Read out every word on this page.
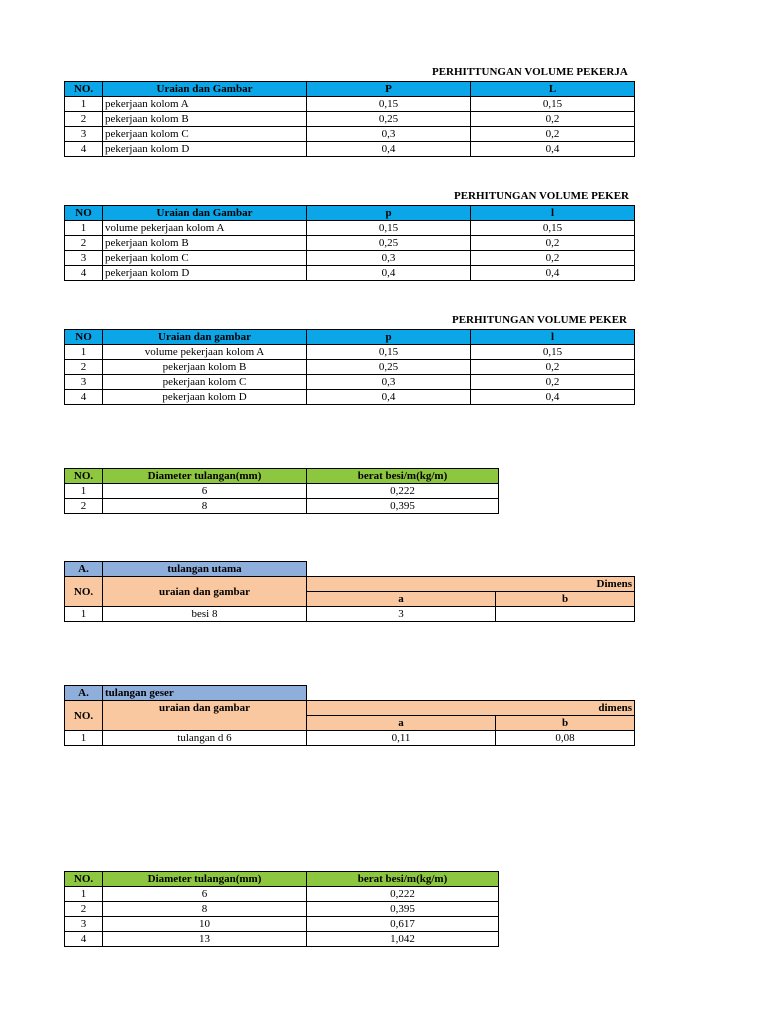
PERHITTUNGAN VOLUME PEKERJA
NO.	Uraian dan Gambar	P	L
1	pekerjaan kolom A	0,15	0,15
2	pekerjaan kolom B	0,25	0,2
3	pekerjaan kolom C	0,3	0,2
4	pekerjaan kolom D	0,4	0,4
PERHITUNGAN VOLUME PEKER
NO	Uraian dan Gambar	p	l
1	volume pekerjaan kolom A	0,15	0,15
2	pekerjaan kolom B	0,25	0,2
3	pekerjaan kolom C	0,3	0,2
4	pekerjaan kolom D	0,4	0,4
PERHITUNGAN VOLUME PEKER
NO	Uraian dan gambar	p	l
1	volume pekerjaan kolom A	0,15	0,15
2	pekerjaan kolom B	0,25	0,2
3	pekerjaan kolom C	0,3	0,2
4	pekerjaan kolom D	0,4	0,4
NO.	Diameter tulangan(mm)	berat besi/m(kg/m)
1	6	0,222
2	8	0,395
A.	tulangan utama		
NO.	uraian dan gambar	Dimens	
		a	b
1	besi 8	3	
A.	tulangan geser		
NO.	uraian dan gambar	dimens	
		a	b
1	tulangan d 6	0,11	0,08
NO.	Diameter tulangan(mm)	berat besi/m(kg/m)
1	6	0,222
2	8	0,395
3	10	0,617
4	13	1,042
